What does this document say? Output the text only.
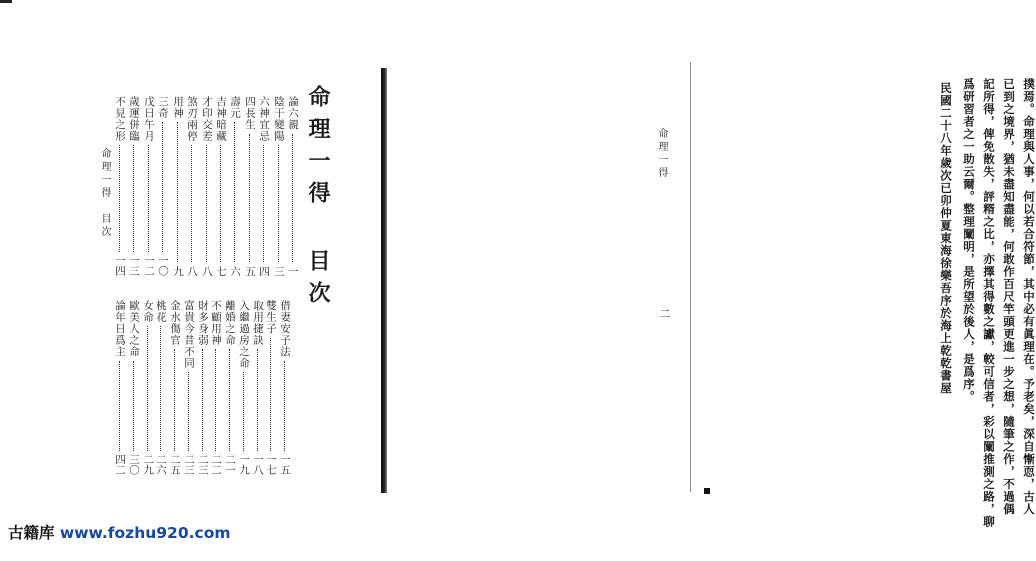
命理一得 目次
論六親
一
陰干變陽
三
六神宜忌
四
四長生
五
壽元
六
吉神暗藏
七
才印交差
八
煞刃兩停
八
用神
九
三奇
一〇
戊日午月
一二
歲運併臨
一三
不見之形
一四
借妻安子法
一五
雙生子
一七
取用捷訣
一八
入繼過房之命
一九
離婚之命
二一
不顧用神
二二
財多身弱
二三
富貴今昔不同
二三
金水傷官
二五
桃花
二六
女命
二九
歐美人之命
三〇
論年日爲主
四二
命理一得　目次	撲焉。命理與人事，何以若合符節，其中必有眞理在。予老矣，深自慚恧，古人
已到之境界，猶未盡知盡能，何敢作百尺竿頭更進一步之想，隨筆之作，不過偶
記所得，俾免散失，評糈之比，亦擇其得數之讞，較可信者，彩以闡推測之路，聊
爲研習者之一助云爾。整理闡明，是所望於後人，是爲序。
民國二十八年歲次已卯仲夏東海徐樂吾序於海上乾乾書屋
命理一得
二
古籍库 www.fozhu920.com
